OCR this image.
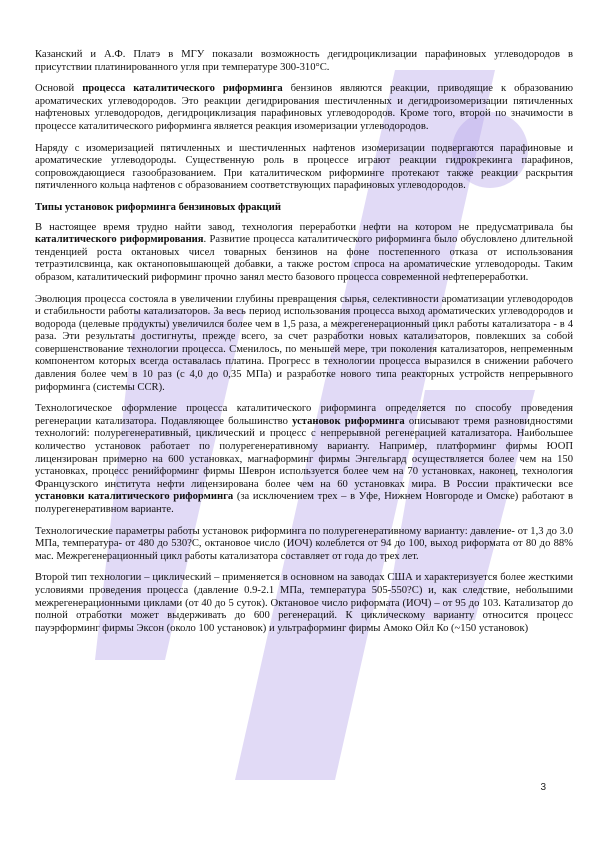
Казанский и А.Ф. Платэ в МГУ показали возможность дегидроциклизации парафиновых углеводородов в присутствии платинированного угля при температуре 300-310°C.

Основой процесса каталитического риформинга бензинов являются реакции, приводящие к образованию ароматических углеводородов. Это реакции дегидрирования шестичленных и дегидроизомеризации пятичленных нафтеновых углеводородов, дегидроциклизация парафиновых углеводородов. Кроме того, второй по значимости в процессе каталитического риформинга является реакция изомеризации углеводородов.

Наряду с изомеризацией пятичленных и шестичленных нафтенов изомеризации подвергаются парафиновые и ароматические углеводороды. Существенную роль в процессе играют реакции гидрокрекинга парафинов, сопровождающиеся газообразованием. При каталитическом риформинге протекают также реакции раскрытия пятичленного кольца нафтенов с образованием соответствующих парафиновых углеводородов.

Типы установок риформинга бензиновых фракций

В настоящее время трудно найти завод, технология переработки нефти на котором не предусматривала бы каталитического риформирования. Развитие процесса каталитического риформинга было обусловлено длительной тенденцией роста октановых чисел товарных бензинов на фоне постепенного отказа от использования тетраэтилсвинца, как октаноповышающей добавки, а также ростом спроса на ароматические углеводороды. Таким образом, каталитический риформинг прочно занял место базового процесса современной нефтепереработки.

Эволюция процесса состояла в увеличении глубины превращения сырья, селективности ароматизации углеводородов и стабильности работы катализаторов. За весь период использования процесса выход ароматических углеводородов и водорода (целевые продукты) увеличился более чем в 1,5 раза, а межрегенерационный цикл работы катализатора - в 4 раза. Эти результаты достигнуты, прежде всего, за счет разработки новых катализаторов, повлекших за собой совершенствование технологии процесса. Сменилось, по меньшей мере, три поколения катализаторов, непременным компонентом которых всегда оставалась платина. Прогресс в технологии процесса выразился в снижении рабочего давления более чем в 10 раз (с 4,0 до 0,35 МПа) и разработке нового типа реакторных устройств непрерывного риформинга (системы CCR).

Технологическое оформление процесса каталитического риформинга определяется по способу проведения регенерации катализатора. Подавляющее большинство установок риформинга описывают тремя разновидностями технологий: полурегенеративный, циклический и процесс с непрерывной регенерацией катализатора. Наибольшее количество установок работает по полурегенеративному варианту. Например, платформинг фирмы ЮОП лицензирован примерно на 600 установках, магнаформинг фирмы Энгельгард осуществляется более чем на 150 установках, процесс ренийформинг фирмы Шеврон используется более чем на 70 установках, наконец, технология Французского института нефти лицензирована более чем на 60 установках мира. В России практически все установки каталитического риформинга (за исключением трех – в Уфе, Нижнем Новгороде и Омске) работают в полурегенеративном варианте.

Технологические параметры работы установок риформинга по полурегенеративному варианту: давление- от 1,3 до 3.0 МПа, температура- от 480 до 530?С, октановое число (ИОЧ) колеблется от 94 до 100, выход риформата от 80 до 88% мас. Межрегенерационный цикл работы катализатора составляет от года до трех лет.

Второй тип технологии – циклический – применяется в основном на заводах США и характеризуется более жесткими условиями проведения процесса (давление 0.9-2.1 МПа, температура 505-550?С) и, как следствие, небольшими межрегенерационными циклами (от 40 до 5 суток). Октановое число риформата (ИОЧ) – от 95 до 103. Катализатор до полной отработки может выдерживать до 600 регенераций. К циклическому варианту относится процесс пауэрформинг фирмы Эксон (около 100 установок) и ультраформинг фирмы Амоко Ойл Ко (~150 установок)

3
